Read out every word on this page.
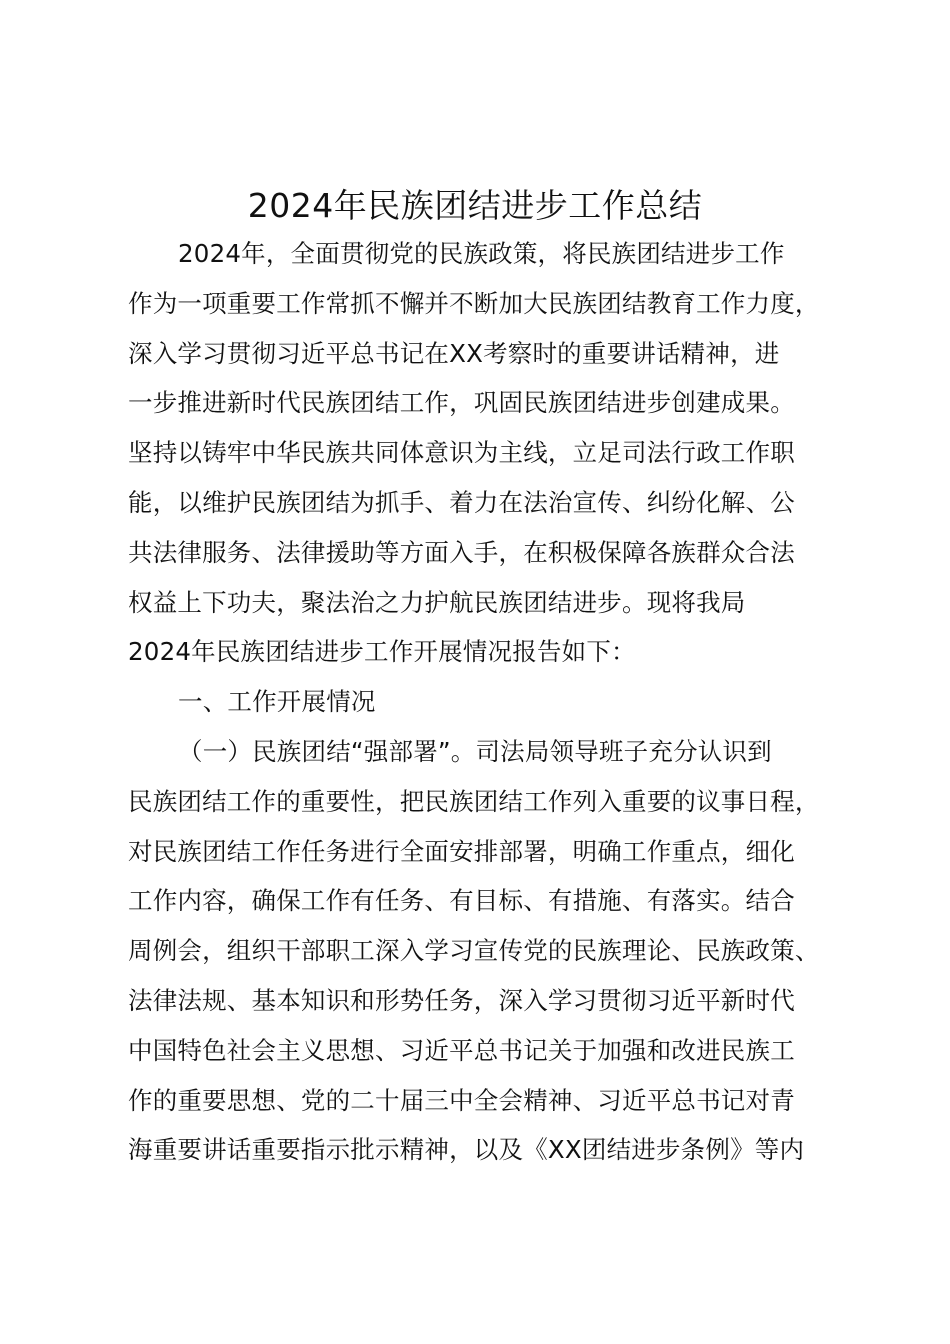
2024年民族团结进步工作总结
2024年，全面贯彻党的民族政策，将民族团结进步工作
作为一项重要工作常抓不懈并不断加大民族团结教育工作力度，
深入学习贯彻习近平总书记在XX考察时的重要讲话精神，进
一步推进新时代民族团结工作，巩固民族团结进步创建成果。
坚持以铸牢中华民族共同体意识为主线，立足司法行政工作职
能，以维护民族团结为抓手、着力在法治宣传、纠纷化解、公
共法律服务、法律援助等方面入手，在积极保障各族群众合法
权益上下功夫，聚法治之力护航民族团结进步。现将我局
2024年民族团结进步工作开展情况报告如下：
一、工作开展情况
（一）民族团结“强部署”。司法局领导班子充分认识到
民族团结工作的重要性，把民族团结工作列入重要的议事日程，
对民族团结工作任务进行全面安排部署，明确工作重点，细化
工作内容，确保工作有任务、有目标、有措施、有落实。结合
周例会，组织干部职工深入学习宣传党的民族理论、民族政策、
法律法规、基本知识和形势任务，深入学习贯彻习近平新时代
中国特色社会主义思想、习近平总书记关于加强和改进民族工
作的重要思想、党的二十届三中全会精神、习近平总书记对青
海重要讲话重要指示批示精神，以及《XX团结进步条例》等内
